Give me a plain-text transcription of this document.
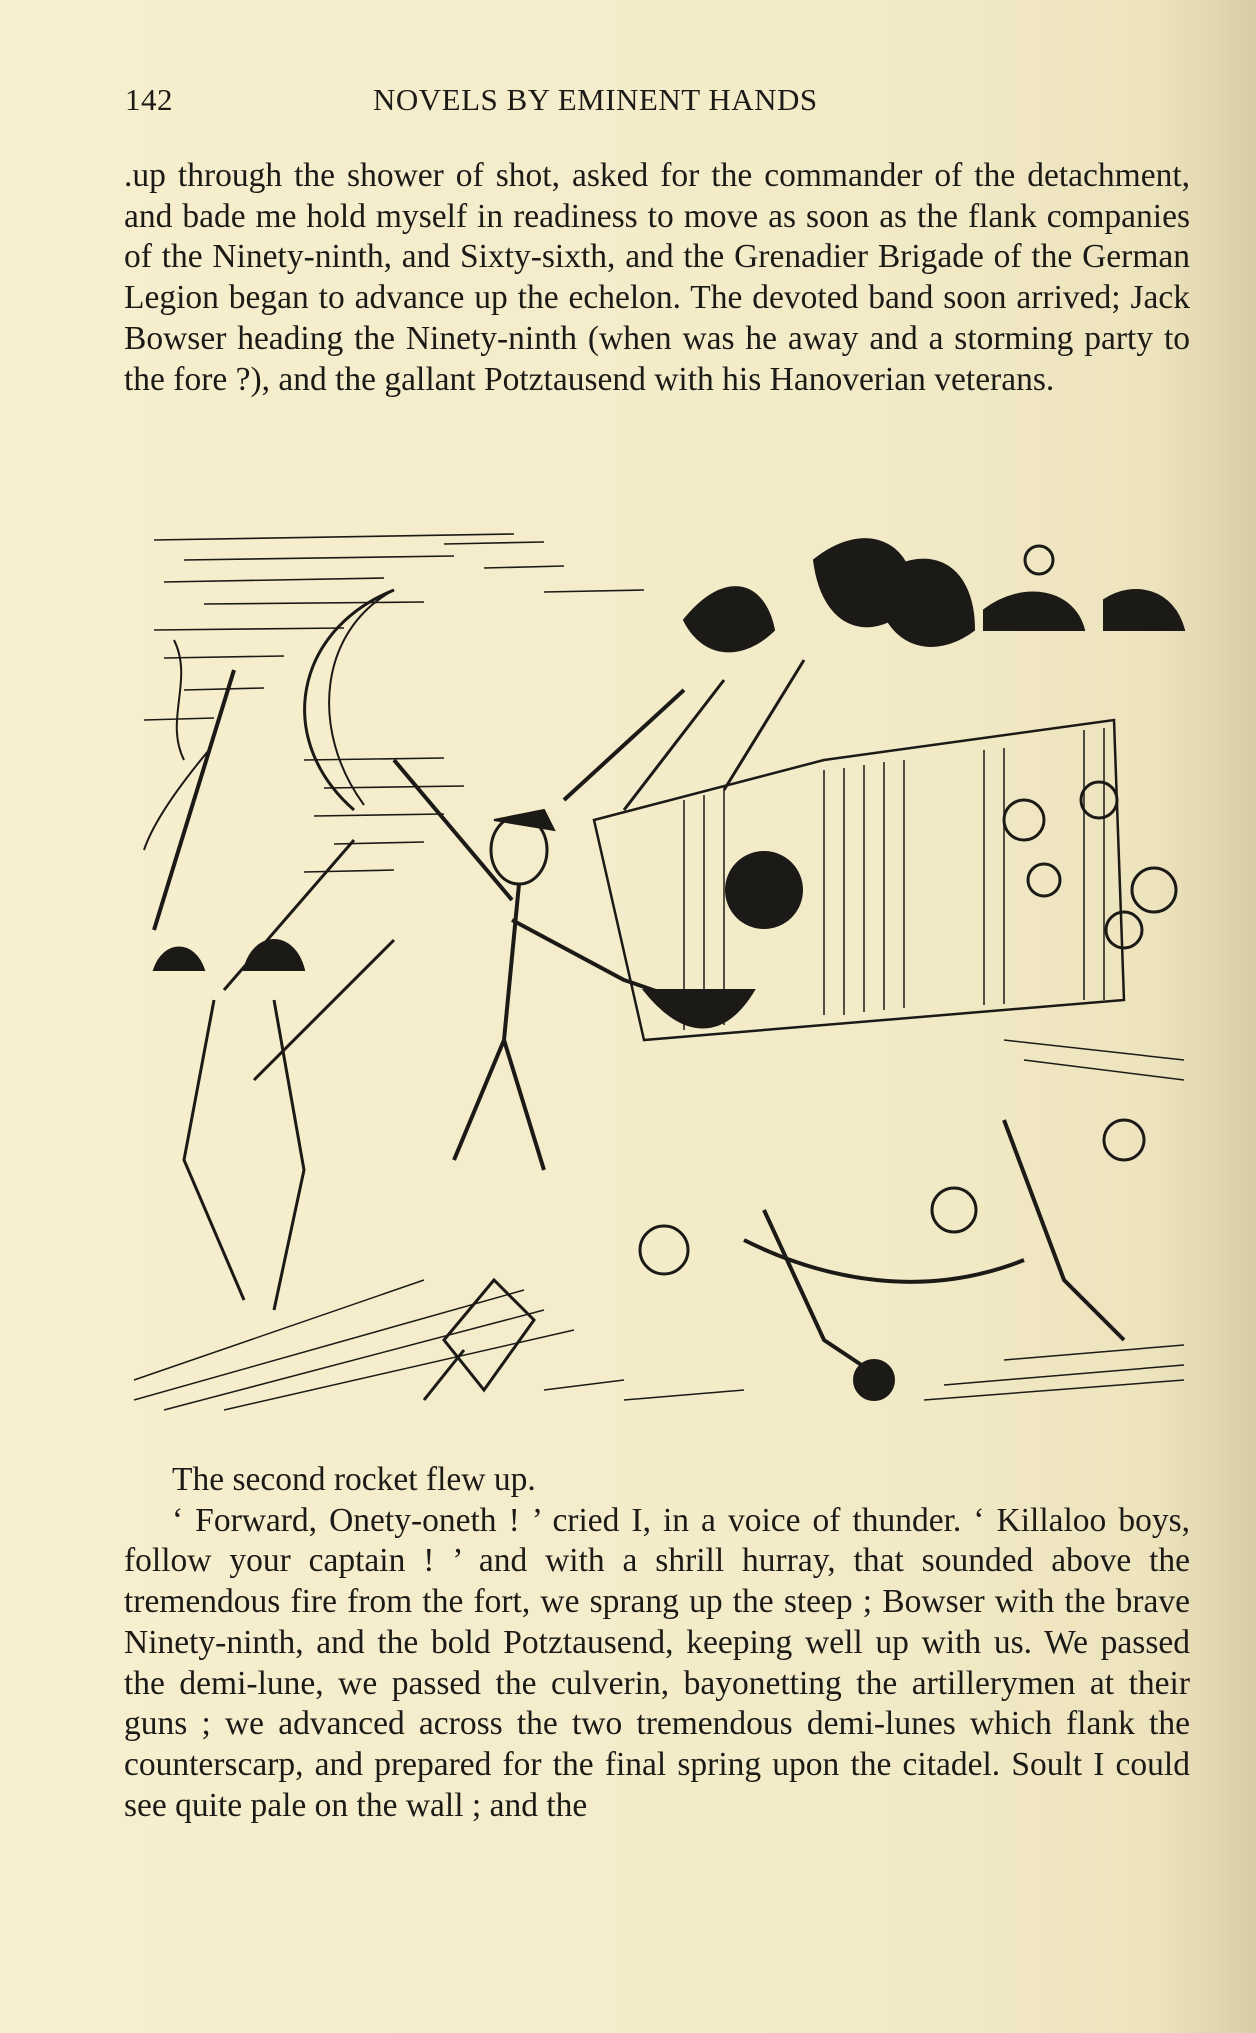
142	NOVELS BY EMINENT HANDS

.up through the shower of shot, asked for the commander of the detachment, and bade me hold myself in readiness to move as soon as the flank companies of the Ninety-ninth, and Sixty-sixth, and the Grenadier Brigade of the German Legion began to advance up the echelon. The devoted band soon arrived; Jack Bowser heading the Ninety-ninth (when was he away and a storming party to the fore ?), and the gallant Potztausend with his Hanoverian veterans.

The second rocket flew up.

‘ Forward, Onety-oneth ! ’ cried I, in a voice of thunder. ‘ Killaloo boys, follow your captain ! ’ and with a shrill hurray, that sounded above the tremendous fire from the fort, we sprang up the steep ; Bowser with the brave Ninety-ninth, and the bold Potztausend, keeping well up with us. We passed the demi-lune, we passed the culverin, bayonetting the artillerymen at their guns ; we advanced across the two tremendous demi-lunes which flank the counterscarp, and prepared for the final spring upon the citadel. Soult I could see quite pale on the wall ; and the
